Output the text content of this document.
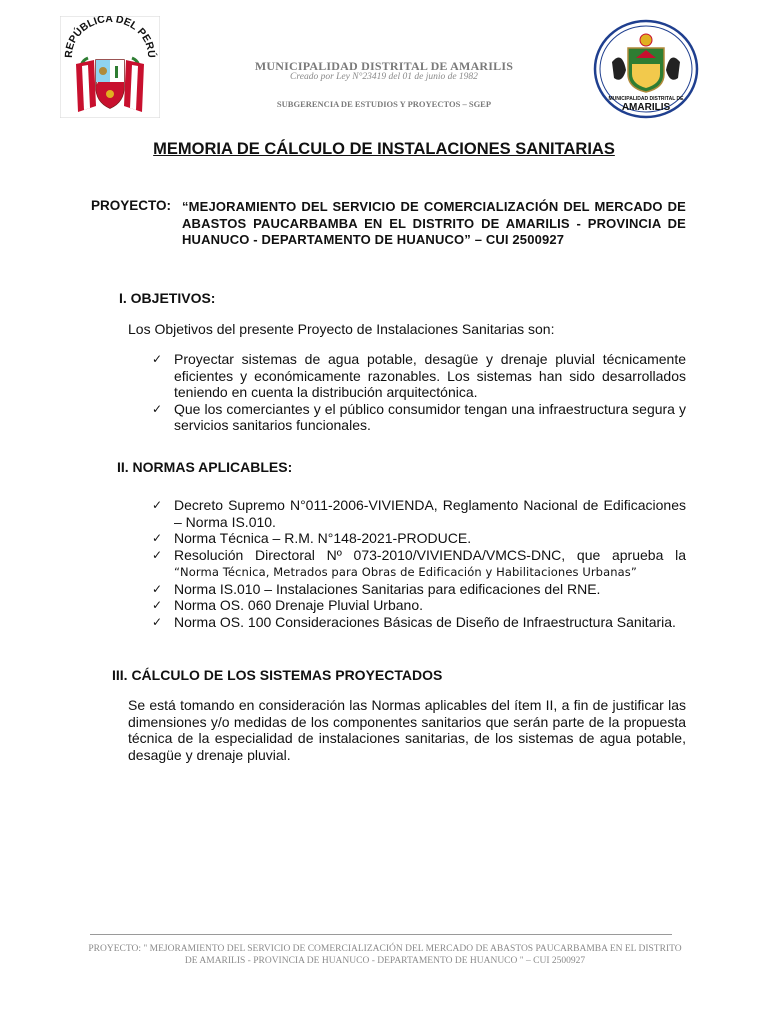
REPÚBLICA DEL PERÚ
MUNICIPALIDAD DISTRITAL DE AMARILIS
Creado por Ley N°23419 del 01 de junio de 1982
SUBGERENCIA DE ESTUDIOS Y PROYECTOS – SGEP	MUNICIPALIDAD DISTRITAL DE
AMARILIS
MEMORIA DE CÁLCULO DE INSTALACIONES SANITARIAS
PROYECTO: “MEJORAMIENTO DEL SERVICIO DE COMERCIALIZACIÓN DEL MERCADO DE ABASTOS PAUCARBAMBA EN EL DISTRITO DE AMARILIS - PROVINCIA DE HUANUCO - DEPARTAMENTO DE HUANUCO” – CUI 2500927
I. OBJETIVOS:
Los Objetivos del presente Proyecto de Instalaciones Sanitarias son:
✓ Proyectar sistemas de agua potable, desagüe y drenaje pluvial técnicamente eficientes y económicamente razonables. Los sistemas han sido desarrollados teniendo en cuenta la distribución arquitectónica.
✓ Que los comerciantes y el público consumidor tengan una infraestructura segura y servicios sanitarios funcionales.
II. NORMAS APLICABLES:
✓ Decreto Supremo N°011-2006-VIVIENDA, Reglamento Nacional de Edificaciones – Norma IS.010.
✓ Norma Técnica – R.M. N°148-2021-PRODUCE.
✓ Resolución Directoral Nº 073-2010/VIVIENDA/VMCS-DNC, que aprueba la
“Norma Técnica, Metrados para Obras de Edificación y Habilitaciones Urbanas”
✓ Norma IS.010 – Instalaciones Sanitarias para edificaciones del RNE.
✓ Norma OS. 060 Drenaje Pluvial Urbano.
✓ Norma OS. 100 Consideraciones Básicas de Diseño de Infraestructura Sanitaria.
III. CÁLCULO DE LOS SISTEMAS PROYECTADOS
Se está tomando en consideración las Normas aplicables del ítem II, a fin de justificar las dimensiones y/o medidas de los componentes sanitarios que serán parte de la propuesta técnica de la especialidad de instalaciones sanitarias, de los sistemas de agua potable, desagüe y drenaje pluvial.
PROYECTO: " MEJORAMIENTO DEL SERVICIO DE COMERCIALIZACIÓN DEL MERCADO DE ABASTOS PAUCARBAMBA EN EL DISTRITO DE AMARILIS - PROVINCIA DE HUANUCO - DEPARTAMENTO DE HUANUCO " – CUI 2500927
